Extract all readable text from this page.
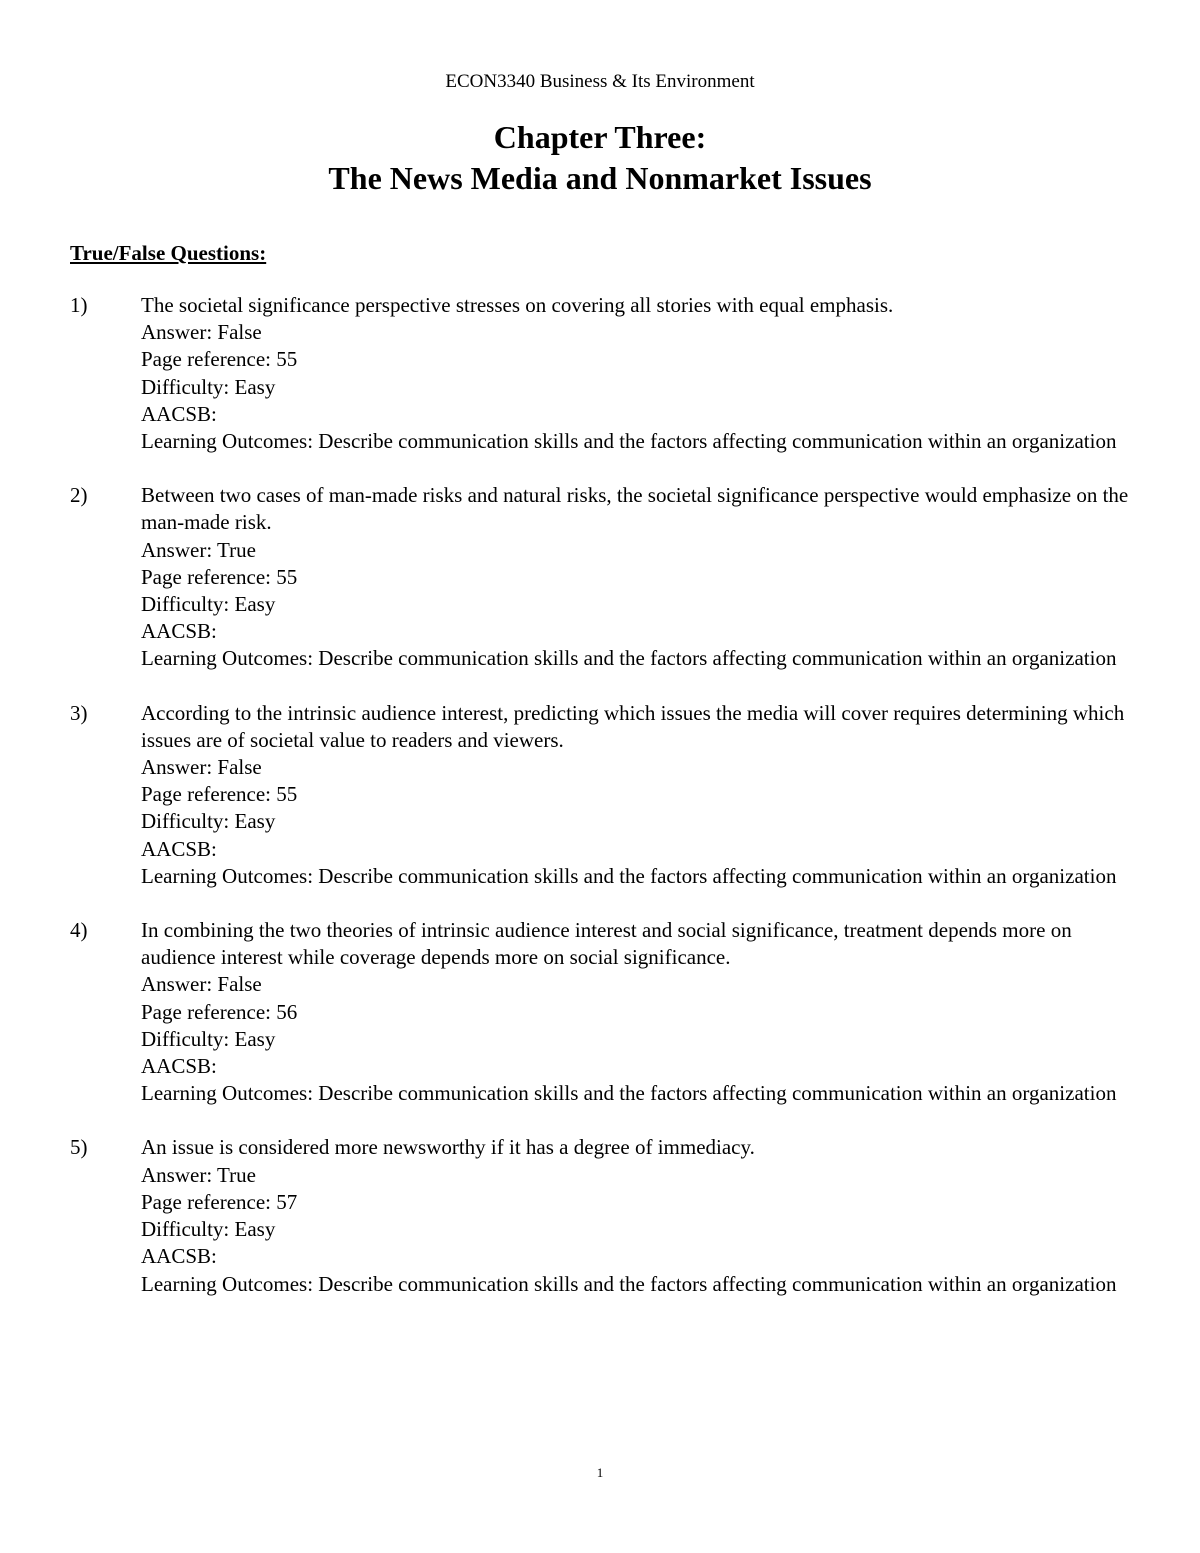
ECON3340 Business & Its Environment
Chapter Three:
The News Media and Nonmarket Issues
True/False Questions:
1)	The societal significance perspective stresses on covering all stories with equal emphasis.
Answer: False
Page reference: 55
Difficulty: Easy
AACSB:
Learning Outcomes: Describe communication skills and the factors affecting communication within an organization
2)	Between two cases of man-made risks and natural risks, the societal significance perspective would emphasize on the man-made risk.
Answer: True
Page reference: 55
Difficulty: Easy
AACSB:
Learning Outcomes: Describe communication skills and the factors affecting communication within an organization
3)	According to the intrinsic audience interest, predicting which issues the media will cover requires determining which issues are of societal value to readers and viewers.
Answer: False
Page reference: 55
Difficulty: Easy
AACSB:
Learning Outcomes: Describe communication skills and the factors affecting communication within an organization
4)	In combining the two theories of intrinsic audience interest and social significance, treatment depends more on audience interest while coverage depends more on social significance.
Answer: False
Page reference: 56
Difficulty: Easy
AACSB:
Learning Outcomes: Describe communication skills and the factors affecting communication within an organization
5)	An issue is considered more newsworthy if it has a degree of immediacy.
Answer: True
Page reference: 57
Difficulty: Easy
AACSB:
Learning Outcomes: Describe communication skills and the factors affecting communication within an organization
1
